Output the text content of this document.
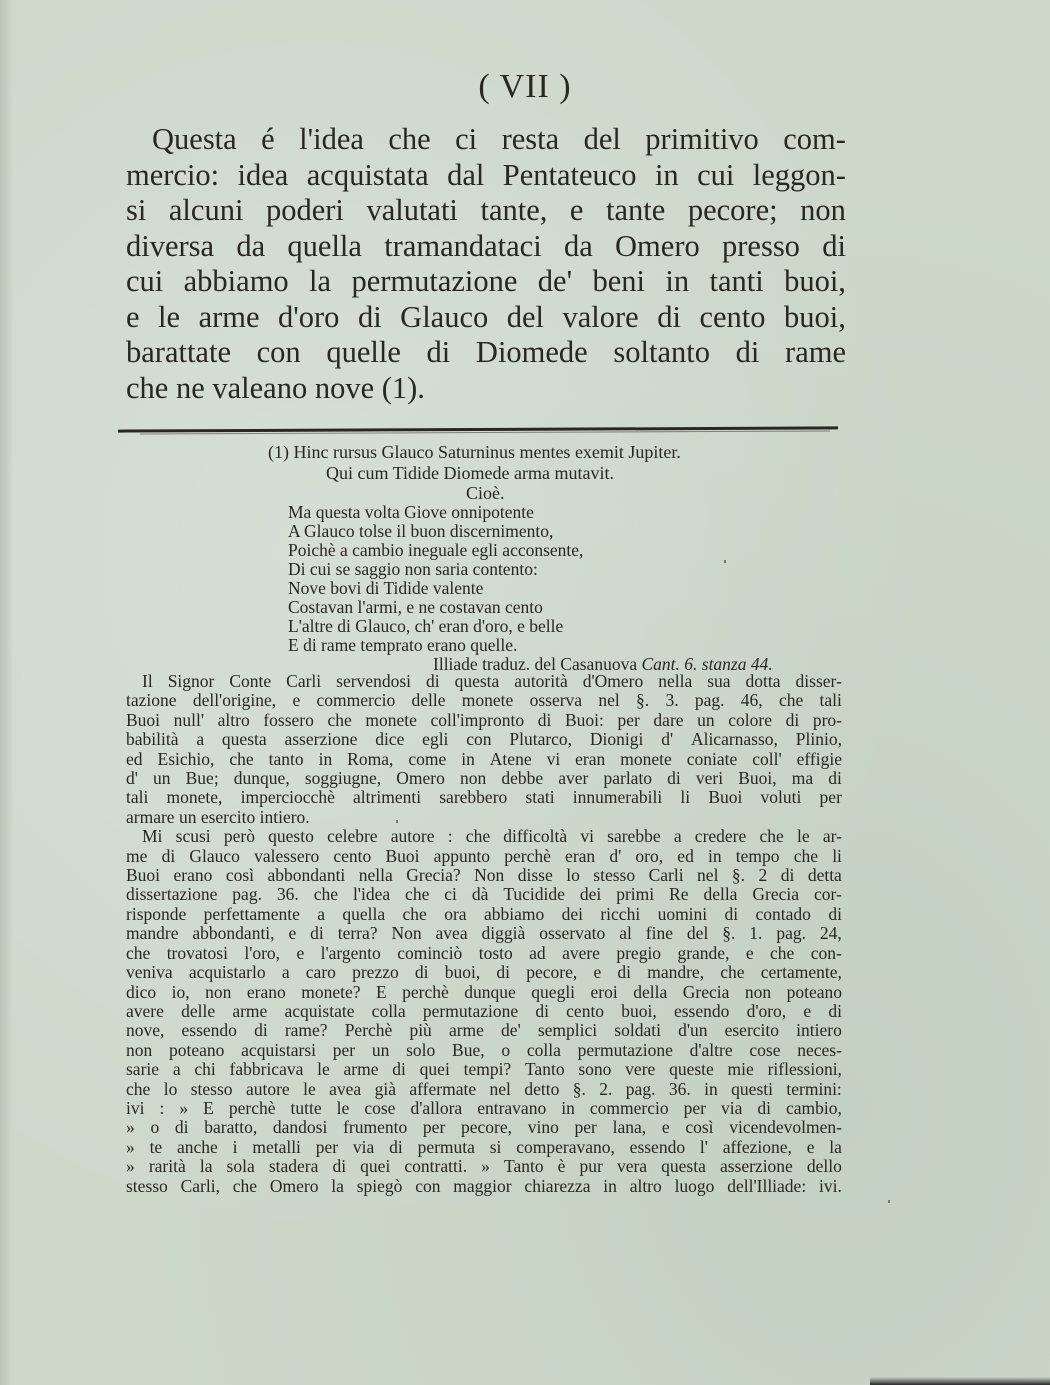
( VII )
Questa é l'idea che ci resta del primitivo com-
mercio: idea acquistata dal Pentateuco in cui leggon-
si alcuni poderi valutati tante, e tante pecore; non
diversa da quella tramandataci da Omero presso di
cui abbiamo la permutazione de' beni in tanti buoi,
e le arme d'oro di Glauco del valore di cento buoi,
barattate con quelle di Diomede soltanto di rame
che ne valeano nove (1).
(1) Hinc rursus Glauco Saturninus mentes exemit Jupiter.
Qui cum Tidide Diomede arma mutavit.
Cioè.
Ma questa volta Giove onnipotente
A Glauco tolse il buon discernimento,
Poichè a cambio ineguale egli acconsente,
Di cui se saggio non saria contento:
Nove bovi di Tidide valente
Costavan l'armi, e ne costavan cento
L'altre di Glauco, ch' eran d'oro, e belle
E di rame temprato erano quelle.
Illiade traduz. del Casanuova Cant. 6. stanza 44.
Il Signor Conte Carli servendosi di questa autorità d'Omero nella sua dotta disser-
tazione dell'origine, e commercio delle monete osserva nel §. 3. pag. 46, che tali
Buoi null' altro fossero che monete coll'impronto di Buoi: per dare un colore di pro-
babilità a questa asserzione dice egli con Plutarco, Dionigi d' Alicarnasso, Plinio,
ed Esichio, che tanto in Roma, come in Atene vi eran monete coniate coll' effigie
d' un Bue; dunque, soggiugne, Omero non debbe aver parlato di veri Buoi, ma di
tali monete, imperciocchè altrimenti sarebbero stati innumerabili li Buoi voluti per
armare un esercito intiero.
Mi scusi però questo celebre autore : che difficoltà vi sarebbe a credere che le ar-
me di Glauco valessero cento Buoi appunto perchè eran d' oro, ed in tempo che li
Buoi erano così abbondanti nella Grecia? Non disse lo stesso Carli nel §. 2 di detta
dissertazione pag. 36. che l'idea che ci dà Tucidide dei primi Re della Grecia cor-
risponde perfettamente a quella che ora abbiamo dei ricchi uomini di contado di
mandre abbondanti, e di terra? Non avea diggià osservato al fine del §. 1. pag. 24,
che trovatosi l'oro, e l'argento cominciò tosto ad avere pregio grande, e che con-
veniva acquistarlo a caro prezzo di buoi, di pecore, e di mandre, che certamente,
dico io, non erano monete? E perchè dunque quegli eroi della Grecia non poteano
avere delle arme acquistate colla permutazione di cento buoi, essendo d'oro, e di
nove, essendo di rame? Perchè più arme de' semplici soldati d'un esercito intiero
non poteano acquistarsi per un solo Bue, o colla permutazione d'altre cose neces-
sarie a chi fabbricava le arme di quei tempi? Tanto sono vere queste mie riflessioni,
che lo stesso autore le avea già affermate nel detto §. 2. pag. 36. in questi termini:
ivi : » E perchè tutte le cose d'allora entravano in commercio per via di cambio,
» o di baratto, dandosi frumento per pecore, vino per lana, e così vicendevolmen-
» te anche i metalli per via di permuta si comperavano, essendo l' affezione, e la
» rarità la sola stadera di quei contratti. » Tanto è pur vera questa asserzione dello
stesso Carli, che Omero la spiegò con maggior chiarezza in altro luogo dell'Illiade: ivi.
